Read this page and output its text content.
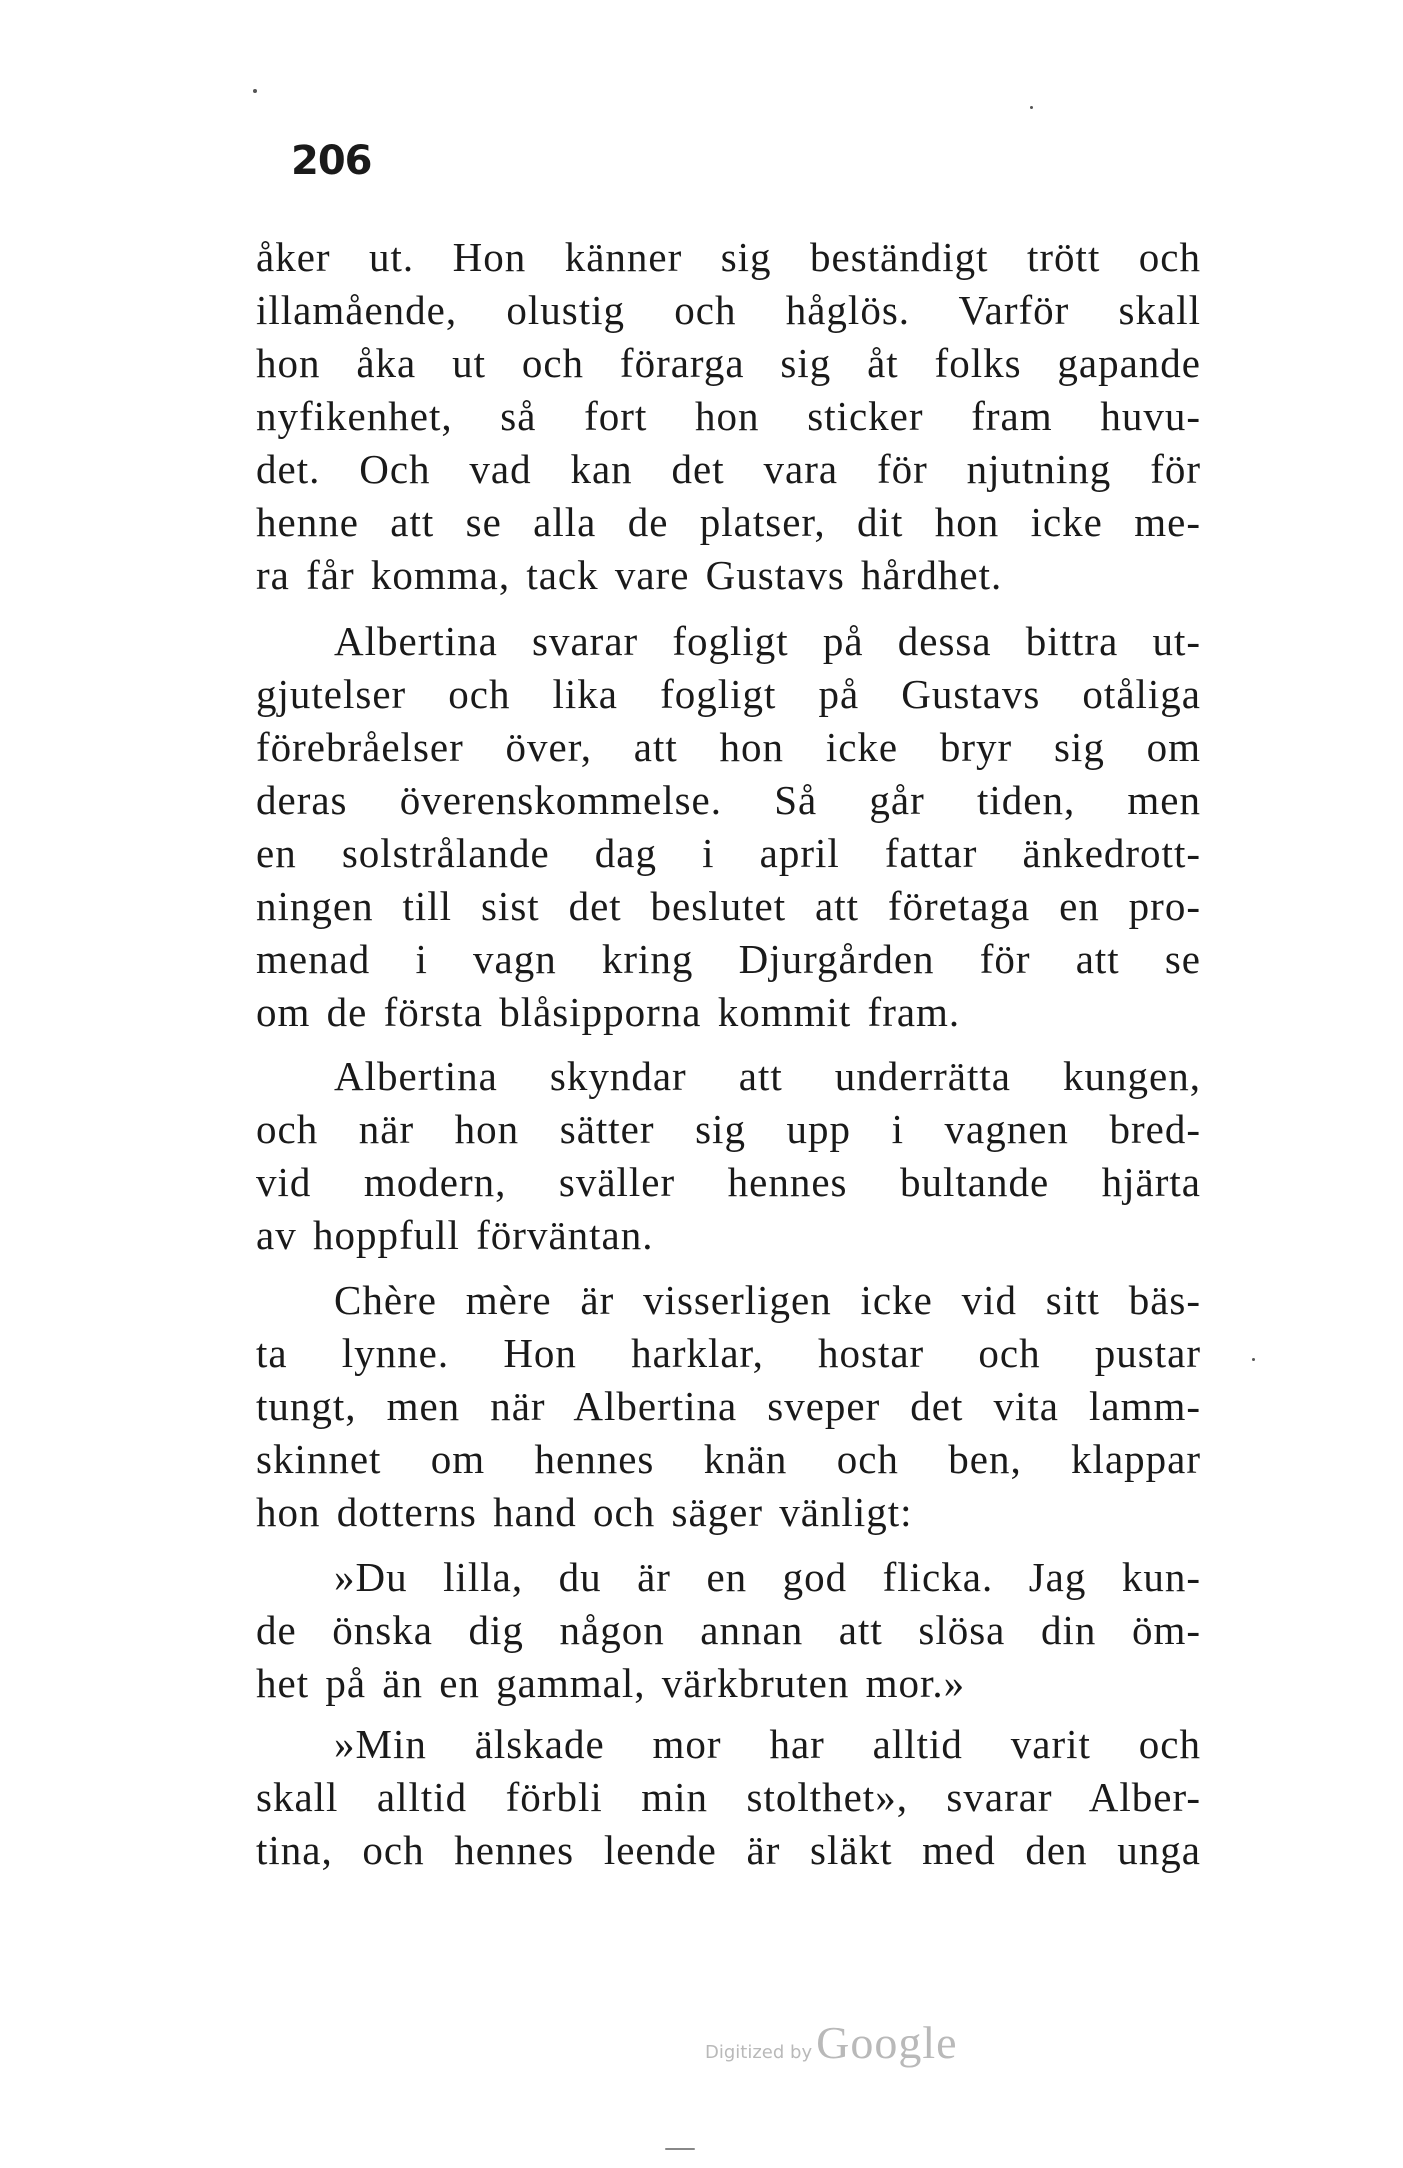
206
åker ut. Hon känner sig beständigt trött och
illamående, olustig och håglös. Varför skall
hon åka ut och förarga sig åt folks gapande
nyfikenhet, så fort hon sticker fram huvu-
det. Och vad kan det vara för njutning för
henne att se alla de platser, dit hon icke me-
ra får komma, tack vare Gustavs hårdhet.
Albertina svarar fogligt på dessa bittra ut-
gjutelser och lika fogligt på Gustavs otåliga
förebråelser över, att hon icke bryr sig om
deras överenskommelse. Så går tiden, men
en solstrålande dag i april fattar änkedrott-
ningen till sist det beslutet att företaga en pro-
menad i vagn kring Djurgården för att se
om de första blåsipporna kommit fram.
Albertina skyndar att underrätta kungen,
och när hon sätter sig upp i vagnen bred-
vid modern, sväller hennes bultande hjärta
av hoppfull förväntan.
Chère mère är visserligen icke vid sitt bäs-
ta lynne. Hon harklar, hostar och pustar
tungt, men när Albertina sveper det vita lamm-
skinnet om hennes knän och ben, klappar
hon dotterns hand och säger vänligt:
»Du lilla, du är en god flicka. Jag kun-
de önska dig någon annan att slösa din öm-
het på än en gammal, värkbruten mor.»
»Min älskade mor har alltid varit och
skall alltid förbli min stolthet», svarar Alber-
tina, och hennes leende är släkt med den unga
Digitized by Google
